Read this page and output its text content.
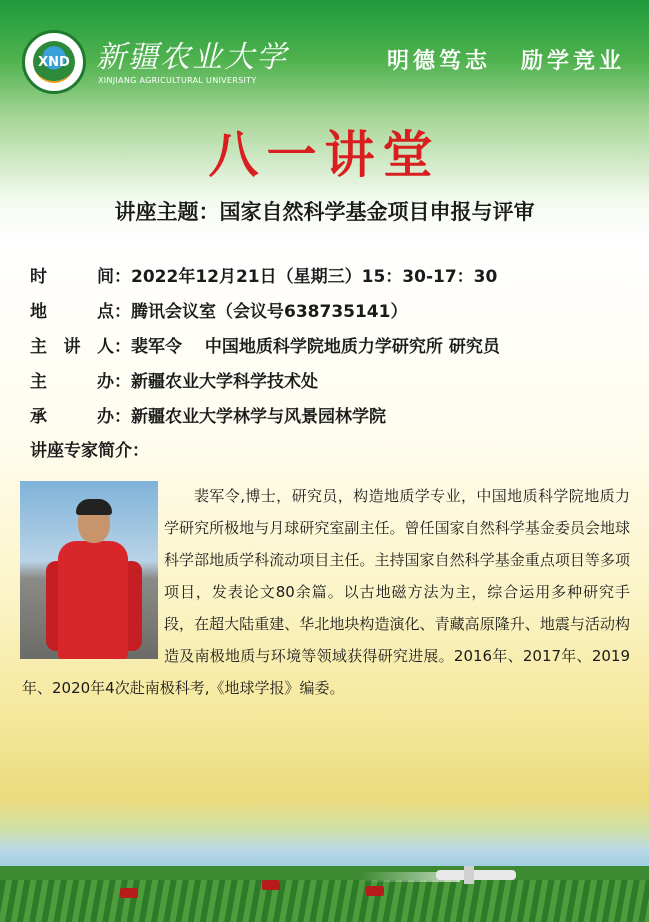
XND 新疆农业大学
XINJIANG AGRICULTURAL UNIVERSITY
明德笃志 励学竞业
八一讲堂
讲座主题：国家自然科学基金项目申报与评审
时　　间：2022年12月21日（星期三）15：30-17：30
地　　点：腾讯会议室（会议号638735141）
主 讲 人：裴军令　 中国地质科学院地质力学研究所 研究员
主　　办：新疆农业大学科学技术处
承　　办：新疆农业大学林学与风景园林学院
讲座专家简介：

裴军令,博士，研究员，构造地质学专业，中国地质科学院地质力学研究所极地与月球研究室副主任。曾任国家自然科学基金委员会地球科学部地质学科流动项目主任。主持国家自然科学基金重点项目等多项项目，发表论文80余篇。以古地磁方法为主，综合运用多种研究手段，在超大陆重建、华北地块构造演化、青藏高原隆升、地震与活动构造及南极地质与环境等领域获得研究进展。2016年、2017年、2019年、2020年4次赴南极科考,《地球学报》编委。
